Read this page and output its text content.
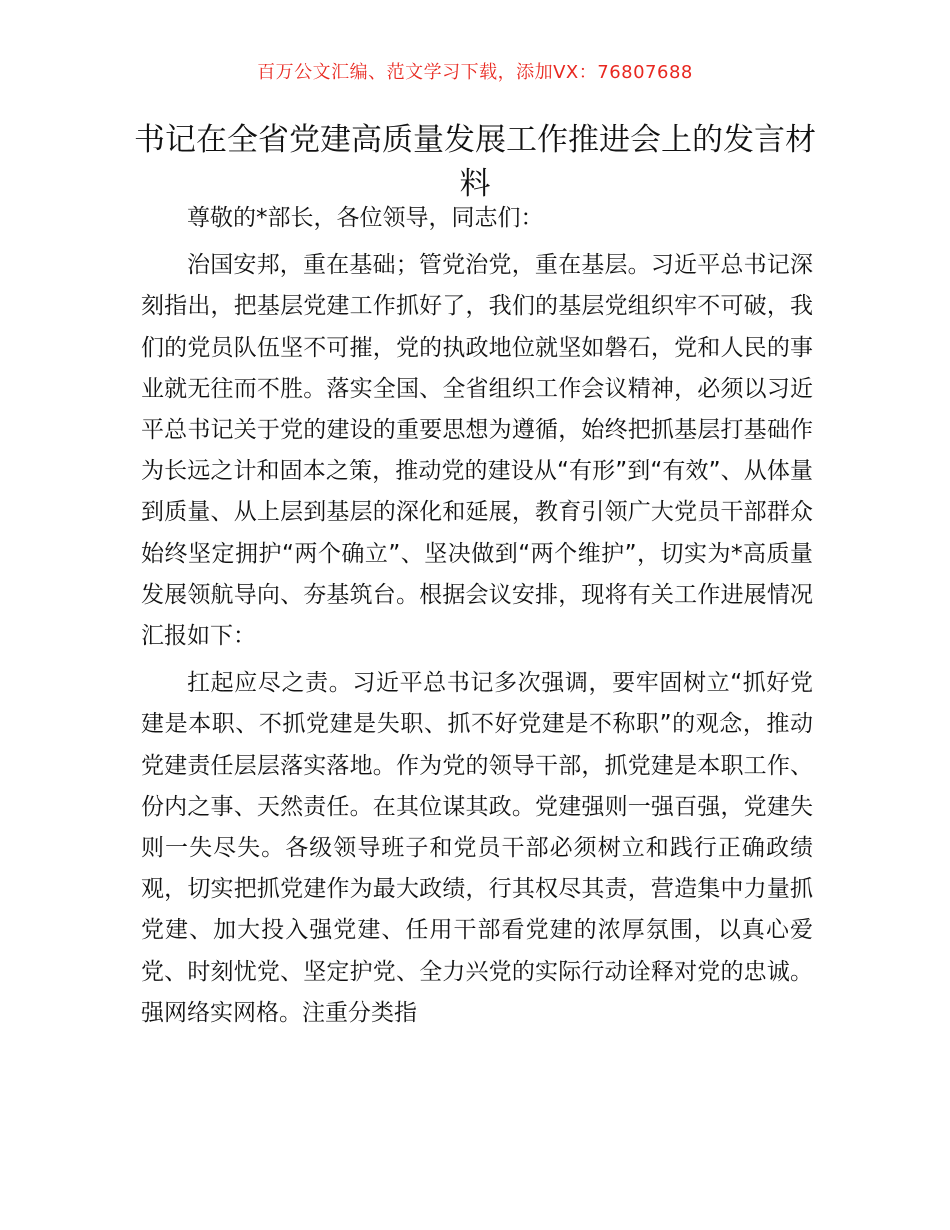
百万公文汇编、范文学习下载，添加VX：76807688
书记在全省党建高质量发展工作推进会上的发言材料

尊敬的*部长，各位领导，同志们：

治国安邦，重在基础；管党治党，重在基层。习近平总书记深刻指出，把基层党建工作抓好了，我们的基层党组织牢不可破，我们的党员队伍坚不可摧，党的执政地位就坚如磐石，党和人民的事业就无往而不胜。落实全国、全省组织工作会议精神，必须以习近平总书记关于党的建设的重要思想为遵循，始终把抓基层打基础作为长远之计和固本之策，推动党的建设从“有形”到“有效”、从体量到质量、从上层到基层的深化和延展，教育引领广大党员干部群众始终坚定拥护“两个确立”、坚决做到“两个维护”，切实为*高质量发展领航导向、夯基筑台。根据会议安排，现将有关工作进展情况汇报如下：

扛起应尽之责。习近平总书记多次强调，要牢固树立“抓好党建是本职、不抓党建是失职、抓不好党建是不称职”的观念，推动党建责任层层落实落地。作为党的领导干部，抓党建是本职工作、份内之事、天然责任。在其位谋其政。党建强则一强百强，党建失则一失尽失。各级领导班子和党员干部必须树立和践行正确政绩观，切实把抓党建作为最大政绩，行其权尽其责，营造集中力量抓党建、加大投入强党建、任用干部看党建的浓厚氛围，以真心爱党、时刻忧党、坚定护党、全力兴党的实际行动诠释对党的忠诚。强网络实网格。注重分类指
